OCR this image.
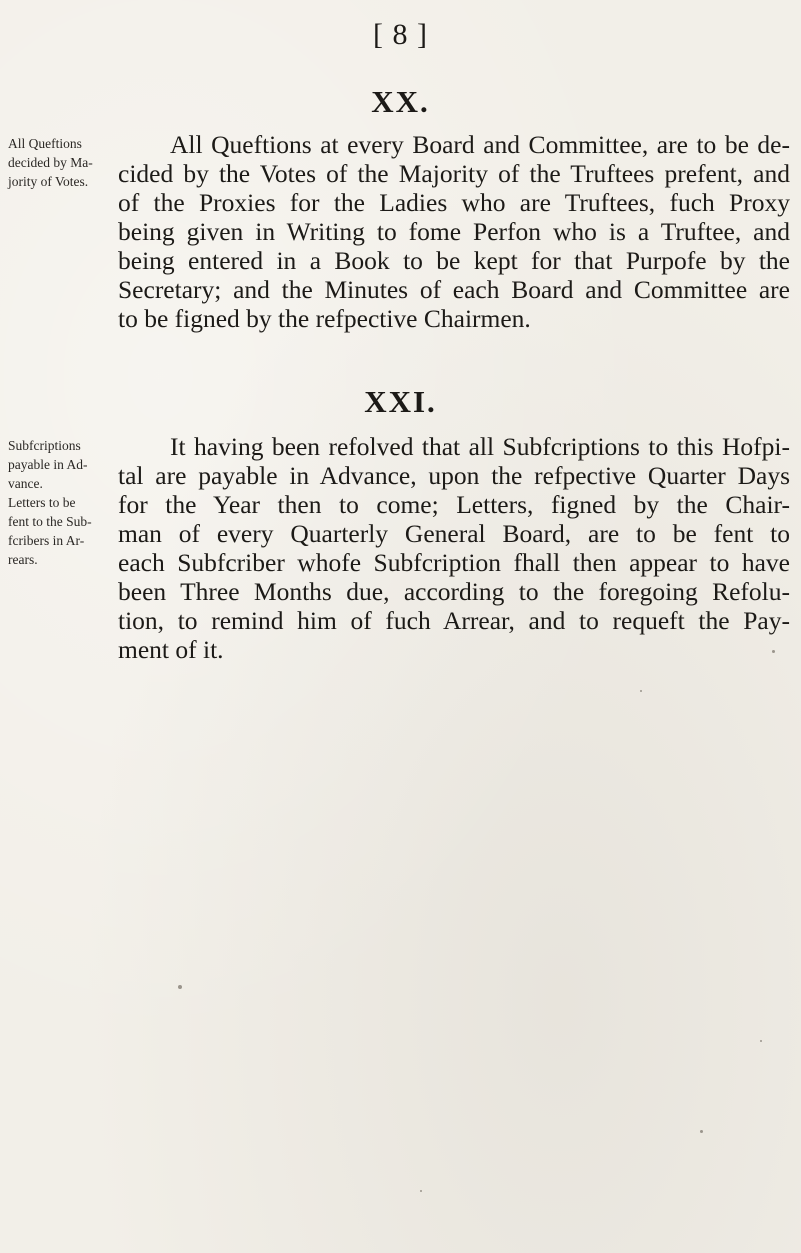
[ 8 ]
XX.
All Queftions
decided by Ma-
jority of Votes.
All Queftions at every Board and Committee, are to be de-
cided by the Votes of the Majority of the Truftees prefent, and
of the Proxies for the Ladies who are Truftees, fuch Proxy
being given in Writing to fome Perfon who is a Truftee, and
being entered in a Book to be kept for that Purpofe by the
Secretary; and the Minutes of each Board and Committee are
to be figned by the refpective Chairmen.
XXI.
Subfcriptions
payable in Ad-
vance.
Letters to be
fent to the Sub-
fcribers in Ar-
rears.
It having been refolved that all Subfcriptions to this Hofpi-
tal are payable in Advance, upon the refpective Quarter Days
for the Year then to come; Letters, figned by the Chair-
man of every Quarterly General Board, are to be fent to
each Subfcriber whofe Subfcription fhall then appear to have
been Three Months due, according to the foregoing Refolu-
tion, to remind him of fuch Arrear, and to requeft the Pay-
ment of it.
